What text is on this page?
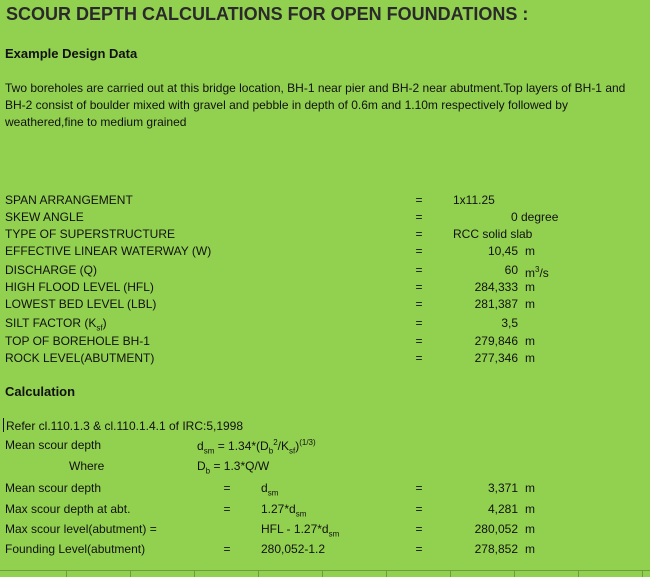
SCOUR DEPTH CALCULATIONS FOR OPEN FOUNDATIONS :
Example Design Data
Two boreholes are carried out at this bridge location, BH-1 near pier and BH-2 near abutment.Top layers of BH-1 and BH-2 consist of boulder mixed with gravel and pebble in depth of 0.6m and 1.10m respectively followed by weathered,fine to medium grained
SPAN ARRANGEMENT	=	1x11.25
SKEW ANGLE	=	0 degree
TYPE OF SUPERSTRUCTURE	=	RCC solid slab
EFFECTIVE LINEAR WATERWAY (W)	=	10,45 m
DISCHARGE (Q)	=	60 $m^3/s$
HIGH FLOOD LEVEL (HFL)	=	284,333 m
LOWEST BED LEVEL (LBL)	=	281,387 m
SILT FACTOR $(K_{sf})$	=	3,5
TOP OF BOREHOLE BH-1	=	279,846 m
ROCK LEVEL(ABUTMENT)	=	277,346 m
Calculation
Refer cl.110.1.3 & cl.110.1.4.1 of IRC:5,1998
Mean scour depth	$d_{sm} = 1.34*(D_b^2/K_{sf})^{(1/3)}$
Where	$D_b = 1.3*Q/W$
Mean scour depth	=	$d_{sm}$	=	3,371 m
Max scour depth at abt.	=	$1.27*d_{sm}$	=	4,281 m
Max scour level(abutment) =	HFL - $1.27*d_{sm}$	=	280,052 m
Founding Level(abutment)	=	280,052-1.2	=	278,852 m
